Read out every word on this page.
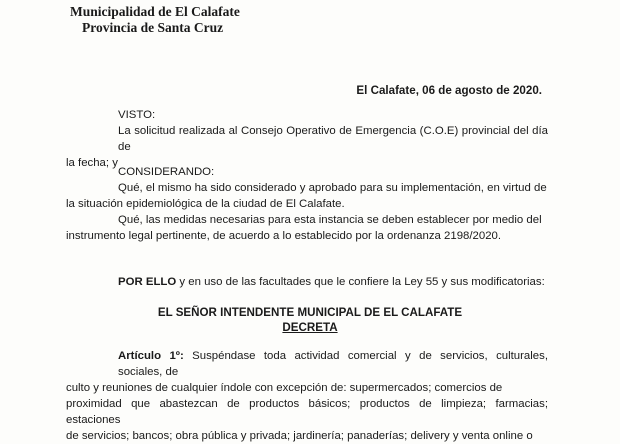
Municipalidad de El Calafate
Provincia de Santa Cruz
El Calafate, 06 de agosto de 2020.
VISTO:
La solicitud realizada al Consejo Operativo de Emergencia (C.O.E) provincial del día de
la fecha; y
CONSIDERANDO:
Qué, el mismo ha sido considerado y aprobado para su implementación, en virtud de
la situación epidemiológica de la ciudad de El Calafate.
Qué, las medidas necesarias para esta instancia se deben establecer por medio del
instrumento legal pertinente, de acuerdo a lo establecido por la ordenanza 2198/2020.
POR ELLO y en uso de las facultades que le confiere la Ley 55 y sus modificatorias:
EL SEÑOR INTENDENTE MUNICIPAL DE EL CALAFATE
DECRETA
Artículo 1º: Suspéndase toda actividad comercial y de servicios, culturales, sociales, de
culto y reuniones de cualquier índole con excepción de: supermercados; comercios de
proximidad que abastezcan de productos básicos; productos de limpieza; farmacias; estaciones
de servicios; bancos; obra pública y privada; jardinería; panaderías; delivery y venta online o
